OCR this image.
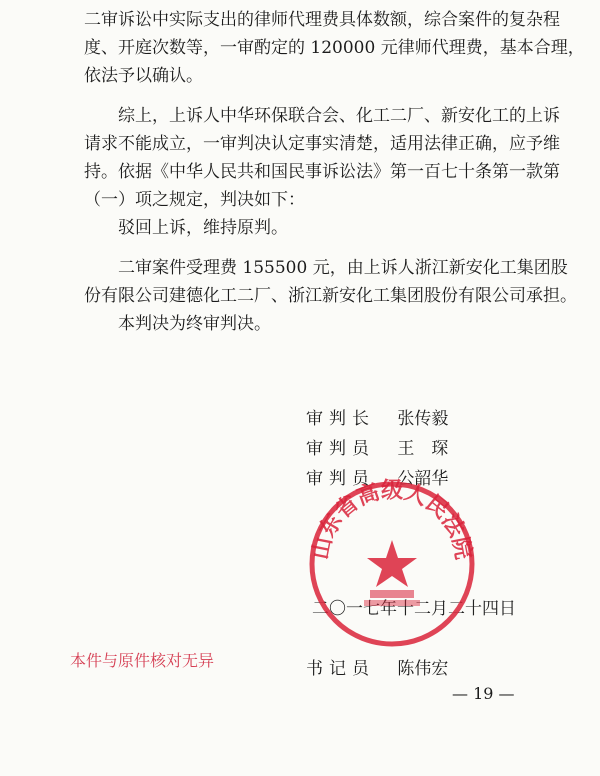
二审诉讼中实际支出的律师代理费具体数额，综合案件的复杂程
度、开庭次数等，一审酌定的 120000 元律师代理费，基本合理，
依法予以确认。
综上，上诉人中华环保联合会、化工二厂、新安化工的上诉
请求不能成立，一审判决认定事实清楚，适用法律正确，应予维
持。依据《中华人民共和国民事诉讼法》第一百七十条第一款第
（一）项之规定，判决如下：
驳回上诉，维持原判。
二审案件受理费 155500 元，由上诉人浙江新安化工集团股
份有限公司建德化工二厂、浙江新安化工集团股份有限公司承担。
本判决为终审判决。
审判长 张传毅
审判员 王　琛
审判员 公韶华
二〇一七年十二月二十四日
山东省高级人民法院
书记员 陈伟宏
本件与原件核对无异
— 19 —
